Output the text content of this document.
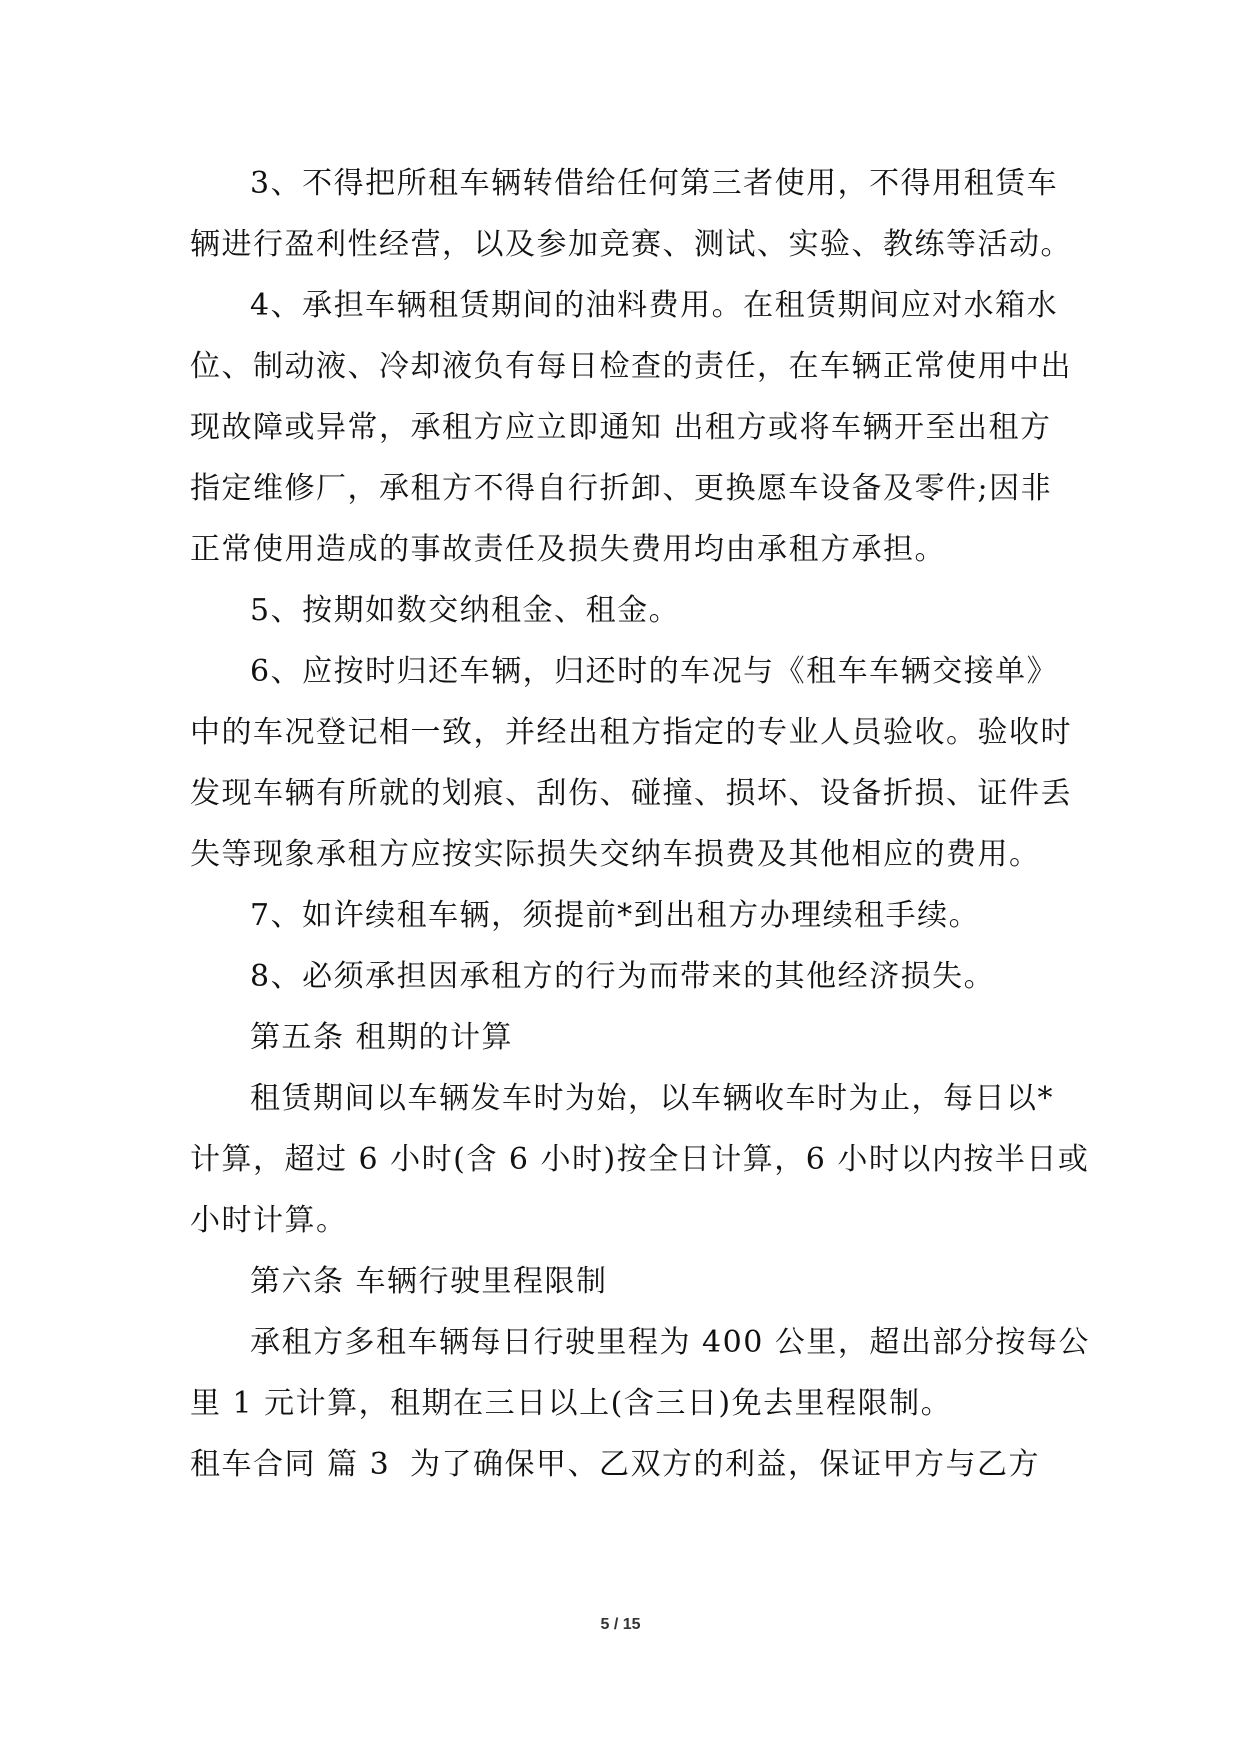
3、不得把所租车辆转借给任何第三者使用，不得用租赁车
辆进行盈利性经营，以及参加竞赛、测试、实验、教练等活动。
4、承担车辆租赁期间的油料费用。在租赁期间应对水箱水
位、制动液、冷却液负有每日检查的责任，在车辆正常使用中出
现故障或异常，承租方应立即通知 出租方或将车辆开至出租方
指定维修厂，承租方不得自行折卸、更换愿车设备及零件;因非
正常使用造成的事故责任及损失费用均由承租方承担。
5、按期如数交纳租金、租金。
6、应按时归还车辆，归还时的车况与《租车车辆交接单》
中的车况登记相一致，并经出租方指定的专业人员验收。验收时
发现车辆有所就的划痕、刮伤、碰撞、损坏、设备折损、证件丢
失等现象承租方应按实际损失交纳车损费及其他相应的费用。
7、如许续租车辆，须提前*到出租方办理续租手续。
8、必须承担因承租方的行为而带来的其他经济损失。
第五条 租期的计算
租赁期间以车辆发车时为始，以车辆收车时为止，每日以*
计算，超过 6 小时(含 6 小时)按全日计算，6 小时以内按半日或
小时计算。
第六条 车辆行驶里程限制
承租方多租车辆每日行驶里程为 400 公里，超出部分按每公
里 1 元计算，租期在三日以上(含三日)免去里程限制。
租车合同 篇 3 为了确保甲、乙双方的利益，保证甲方与乙方
5 / 15
